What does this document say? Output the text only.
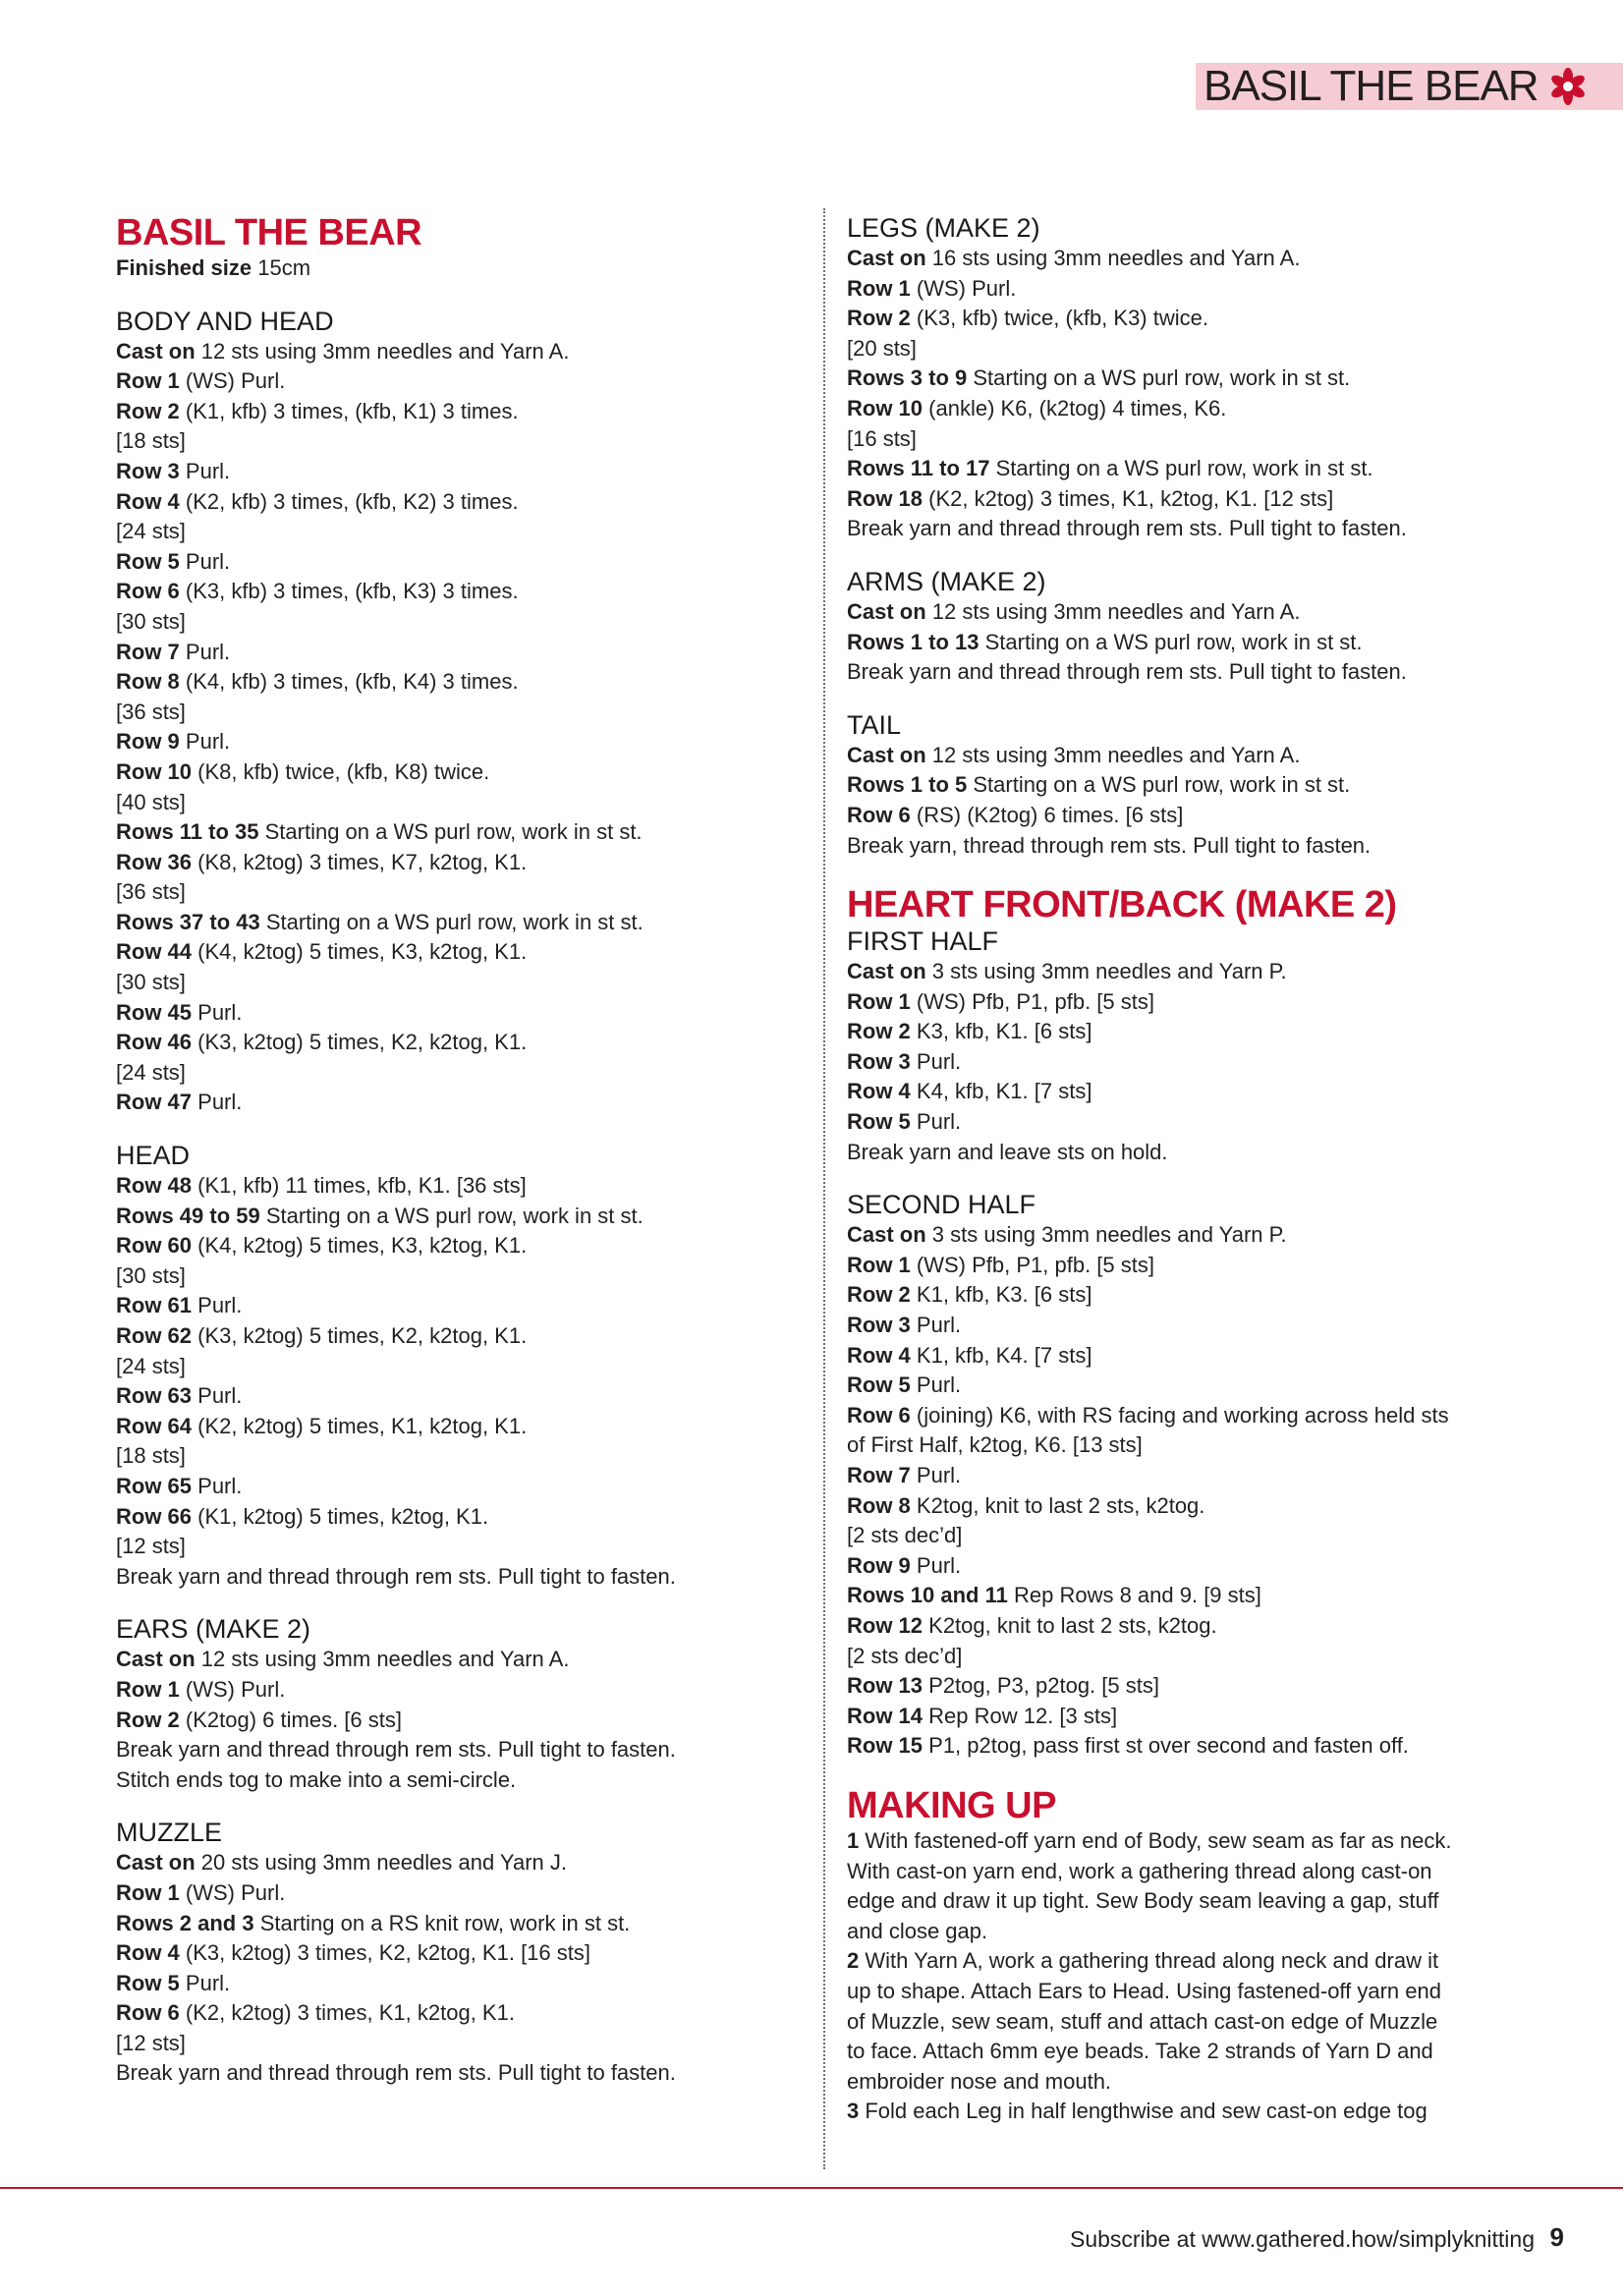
BASIL THE BEAR
BASIL THE BEAR

Finished size 15cm

BODY AND HEAD

Cast on 12 sts using 3mm needles and Yarn A.

Row 1 (WS) Purl.

Row 2 (K1, kfb) 3 times, (kfb, K1) 3 times.

[18 sts]

Row 3 Purl.

Row 4 (K2, kfb) 3 times, (kfb, K2) 3 times.

[24 sts]

Row 5 Purl.

Row 6 (K3, kfb) 3 times, (kfb, K3) 3 times.

[30 sts]

Row 7 Purl.

Row 8 (K4, kfb) 3 times, (kfb, K4) 3 times.

[36 sts]

Row 9 Purl.

Row 10 (K8, kfb) twice, (kfb, K8) twice.

[40 sts]

Rows 11 to 35 Starting on a WS purl row, work in st st.

Row 36 (K8, k2tog) 3 times, K7, k2tog, K1.

[36 sts]

Rows 37 to 43 Starting on a WS purl row, work in st st.

Row 44 (K4, k2tog) 5 times, K3, k2tog, K1.

[30 sts]

Row 45 Purl.

Row 46 (K3, k2tog) 5 times, K2, k2tog, K1.

[24 sts]

Row 47 Purl.

HEAD

Row 48 (K1, kfb) 11 times, kfb, K1. [36 sts]

Rows 49 to 59 Starting on a WS purl row, work in st st.

Row 60 (K4, k2tog) 5 times, K3, k2tog, K1.

[30 sts]

Row 61 Purl.

Row 62 (K3, k2tog) 5 times, K2, k2tog, K1.

[24 sts]

Row 63 Purl.

Row 64 (K2, k2tog) 5 times, K1, k2tog, K1.

[18 sts]

Row 65 Purl.

Row 66 (K1, k2tog) 5 times, k2tog, K1.

[12 sts]

Break yarn and thread through rem sts. Pull tight to fasten.

EARS (MAKE 2)

Cast on 12 sts using 3mm needles and Yarn A.

Row 1 (WS) Purl.

Row 2 (K2tog) 6 times. [6 sts]

Break yarn and thread through rem sts. Pull tight to fasten.

Stitch ends tog to make into a semi-circle.

MUZZLE

Cast on 20 sts using 3mm needles and Yarn J.

Row 1 (WS) Purl.

Rows 2 and 3 Starting on a RS knit row, work in st st.

Row 4 (K3, k2tog) 3 times, K2, k2tog, K1. [16 sts]

Row 5 Purl.

Row 6 (K2, k2tog) 3 times, K1, k2tog, K1.

[12 sts]

Break yarn and thread through rem sts. Pull tight to fasten.

LEGS (MAKE 2)

Cast on 16 sts using 3mm needles and Yarn A.

Row 1 (WS) Purl.

Row 2 (K3, kfb) twice, (kfb, K3) twice.

[20 sts]

Rows 3 to 9 Starting on a WS purl row, work in st st.

Row 10 (ankle) K6, (k2tog) 4 times, K6.

[16 sts]

Rows 11 to 17 Starting on a WS purl row, work in st st.

Row 18 (K2, k2tog) 3 times, K1, k2tog, K1. [12 sts]

Break yarn and thread through rem sts. Pull tight to fasten.

ARMS (MAKE 2)

Cast on 12 sts using 3mm needles and Yarn A.

Rows 1 to 13 Starting on a WS purl row, work in st st.

Break yarn and thread through rem sts. Pull tight to fasten.

TAIL

Cast on 12 sts using 3mm needles and Yarn A.

Rows 1 to 5 Starting on a WS purl row, work in st st.

Row 6 (RS) (K2tog) 6 times. [6 sts]

Break yarn, thread through rem sts. Pull tight to fasten.

HEART FRONT/BACK (MAKE 2)
FIRST HALF

Cast on 3 sts using 3mm needles and Yarn P.

Row 1 (WS) Pfb, P1, pfb. [5 sts]

Row 2 K3, kfb, K1. [6 sts]

Row 3 Purl.

Row 4 K4, kfb, K1. [7 sts]

Row 5 Purl.

Break yarn and leave sts on hold.

SECOND HALF

Cast on 3 sts using 3mm needles and Yarn P.

Row 1 (WS) Pfb, P1, pfb. [5 sts]

Row 2 K1, kfb, K3. [6 sts]

Row 3 Purl.

Row 4 K1, kfb, K4. [7 sts]

Row 5 Purl.

Row 6 (joining) K6, with RS facing and working across held sts

of First Half, k2tog, K6. [13 sts]

Row 7 Purl.

Row 8 K2tog, knit to last 2 sts, k2tog.

[2 sts dec’d]

Row 9 Purl.

Rows 10 and 11 Rep Rows 8 and 9. [9 sts]

Row 12 K2tog, knit to last 2 sts, k2tog.

[2 sts dec’d]

Row 13 P2tog, P3, p2tog. [5 sts]

Row 14 Rep Row 12. [3 sts]

Row 15 P1, p2tog, pass first st over second and fasten off.

MAKING UP

1 With fastened-off yarn end of Body, sew seam as far as neck.

With cast-on yarn end, work a gathering thread along cast-on

edge and draw it up tight. Sew Body seam leaving a gap, stuff

and close gap.

2 With Yarn A, work a gathering thread along neck and draw it

up to shape. Attach Ears to Head. Using fastened-off yarn end

of Muzzle, sew seam, stuff and attach cast-on edge of Muzzle

to face. Attach 6mm eye beads. Take 2 strands of Yarn D and

embroider nose and mouth.

3 Fold each Leg in half lengthwise and sew cast-on edge tog

Subscribe at www.gathered.how/simplyknitting 9
